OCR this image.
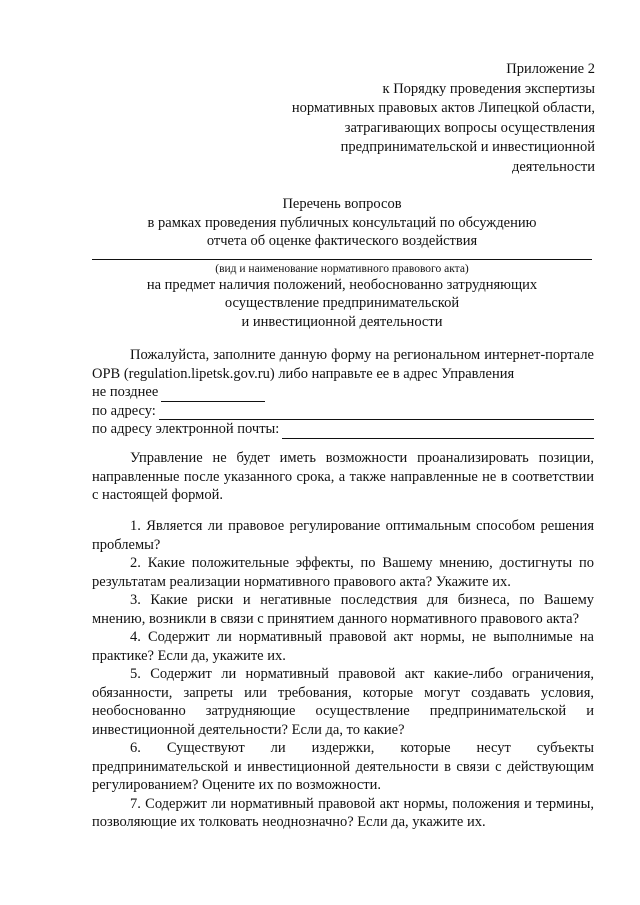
Приложение 2
к Порядку проведения экспертизы
нормативных правовых актов Липецкой области,
затрагивающих вопросы осуществления
предпринимательской и инвестиционной
деятельности
Перечень вопросов
в рамках проведения публичных консультаций по обсуждению
отчета об оценке фактического воздействия
(вид и наименование нормативного правового акта)
на предмет наличия положений, необоснованно затрудняющих
осуществление предпринимательской
и инвестиционной деятельности
Пожалуйста, заполните данную форму на региональном интернет-портале ОРВ (regulation.lipetsk.gov.ru) либо направьте ее в адрес Управления
не позднее
по адресу:
по адресу электронной почты:
Управление не будет иметь возможности проанализировать позиции, направленные после указанного срока, а также направленные не в соответствии с настоящей формой.

1. Является ли правовое регулирование оптимальным способом решения проблемы?

2. Какие положительные эффекты, по Вашему мнению, достигнуты по результатам реализации нормативного правового акта? Укажите их.

3. Какие риски и негативные последствия для бизнеса, по Вашему мнению, возникли в связи с принятием данного нормативного правового акта?

4. Содержит ли нормативный правовой акт нормы, не выполнимые на практике? Если да, укажите их.

5. Содержит ли нормативный правовой акт какие-либо ограничения, обязанности, запреты или требования, которые могут создавать условия, необоснованно затрудняющие осуществление предпринимательской и инвестиционной деятельности? Если да, то какие?

6. Существуют ли издержки, которые несут субъекты предпринимательской и инвестиционной деятельности в связи с действующим регулированием? Оцените их по возможности.

7. Содержит ли нормативный правовой акт нормы, положения и термины, позволяющие их толковать неоднозначно? Если да, укажите их.
